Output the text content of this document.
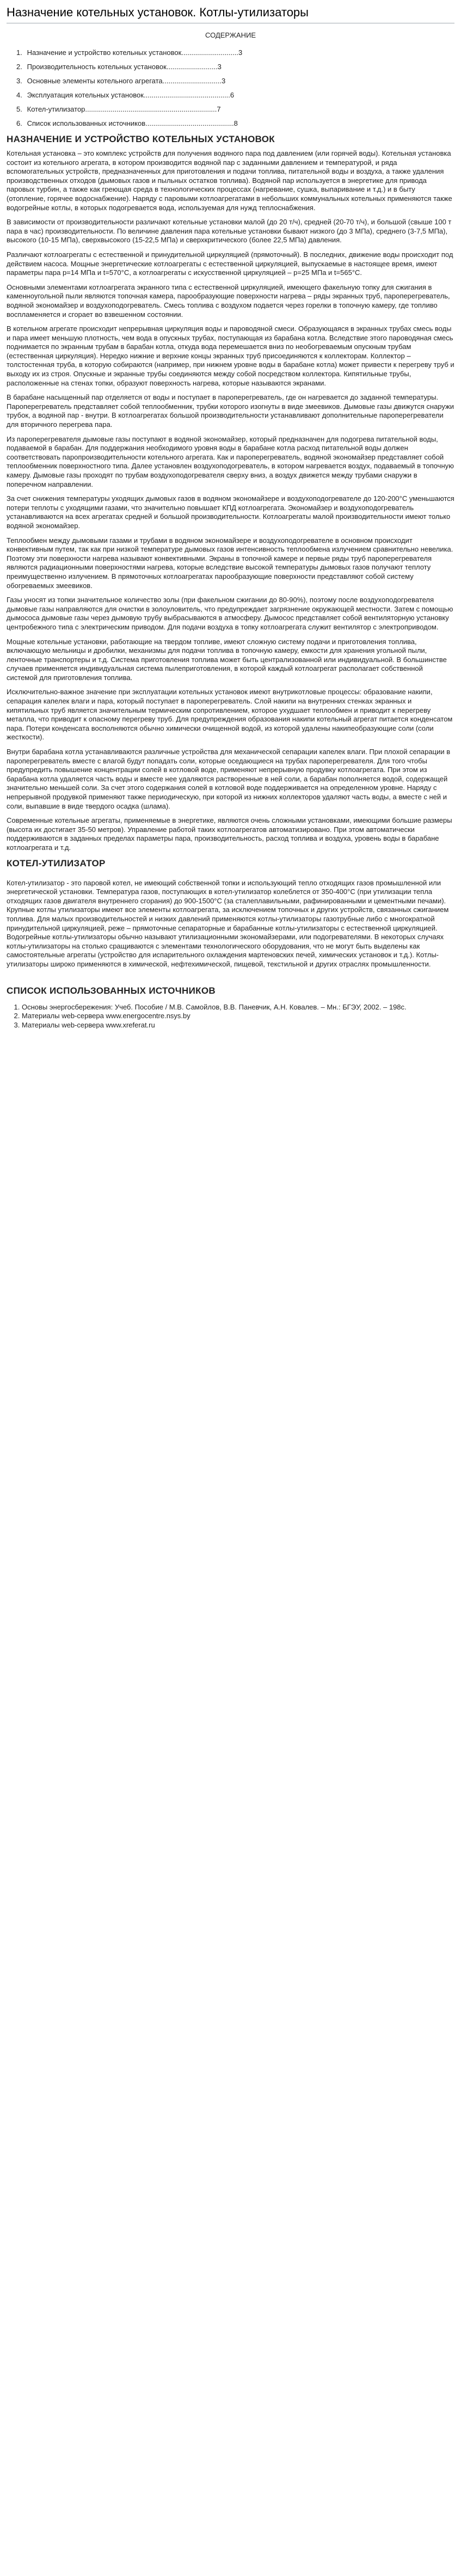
Назначение котельных установок. Котлы-утилизаторы
СОДЕРЖАНИЕ
1. Назначение и устройство котельных установок.............................3
2. Производительность котельных установок..........................3
3. Основные элементы котельного агрегата..............................3
4. Эксплуатация котельных установок............................................6
5. Котел-утилизатор...................................................................7
6. Список использованных источников.............................................8
НАЗНАЧЕНИЕ И УСТРОЙСТВО КОТЕЛЬНЫХ УСТАНОВОК

Котельная установка – это комплекс устройств для получения водяного пара под давлением (или горячей воды). Котельная установка состоит из котельного агрегата, в котором производится водяной пар с заданными давлением и температурой, и ряда вспомогательных устройств, предназначенных для приготовления и подачи топлива, питательной воды и воздуха, а также удаления производственных отходов (дымовых газов и пыльных остатков топлива). Водяной пар используется в энергетике для привода паровых турбин, а также как греющая среда в технологических процессах (нагревание, сушка, выпаривание и т.д.) и в быту (отопление, горячее водоснабжение). Наряду с паровыми котлоагрегатами в небольших коммунальных котельных применяются также водогрейные котлы, в которых подогревается вода, используемая для нужд теплоснабжения.

В зависимости от производительности различают котельные установки малой (до 20 т/ч), средней (20-70 т/ч), и большой (свыше 100 т пара в час) производительности. По величине давления пара котельные установки бывают низкого (до 3 МПа), среднего (3-7,5 МПа), высокого (10-15 МПа), сверхвысокого (15-22,5 МПа) и сверхкритического (более 22,5 МПа) давления.

Различают котлоагрегаты с естественной и принудительной циркуляцией (прямоточный). В последних, движение воды происходит под действием насоса. Мощные энергетические котлоагрегаты с естественной циркуляцией, выпускаемые в настоящее время, имеют параметры пара р=14 МПа и t=570°С, а котлоагрегаты с искусственной циркуляцией – р=25 МПа и t=565°С.

Основными элементами котлоагрегата экранного типа с естественной циркуляцией, имеющего факельную топку для сжигания в каменноугольной пыли являются топочная камера, парообразующие поверхности нагрева – ряды экранных труб, пароперегреватель, водяной экономайзер и воздухоподогреватель. Смесь топлива с воздухом подается через горелки в топочную камеру, где топливо воспламеняется и сгорает во взвешенном состоянии.

В котельном агрегате происходит непрерывная циркуляция воды и пароводяной смеси. Образующаяся в экранных трубах смесь воды и пара имеет меньшую плотность, чем вода в опускных трубах, поступающая из барабана котла. Вследствие этого пароводяная смесь поднимается по экранным трубам в барабан котла, откуда вода перемешается вниз по необогреваемым опускным трубам (естественная циркуляция). Нередко нижние и верхние концы экранных труб присоединяются к коллекторам. Коллектор – толстостенная труба, в которую собираются (например, при нижнем уровне воды в барабане котла) может привести к перегреву труб и выходу их из строя. Опускные и экранные трубы соединяются между собой посредством коллектора. Кипятильные трубы, расположенные на стенах топки, образуют поверхность нагрева, которые называются экранами.

В барабане насыщенный пар отделяется от воды и поступает в пароперегреватель, где он нагревается до заданной температуры. Пароперегреватель представляет собой теплообменник, трубки которого изогнуты в виде змеевиков. Дымовые газы движутся снаружи трубок, а водяной пар - внутри. В котлоагрегатах большой производительности устанавливают дополнительные пароперегреватели для вторичного перегрева пара.

Из пароперегревателя дымовые газы поступают в водяной экономайзер, который предназначен для подогрева питательной воды, подаваемой в барабан. Для поддержания необходимого уровня воды в барабане котла расход питательной воды должен соответствовать паропроизводительности котельного агрегата. Как и пароперегреватель, водяной экономайзер представляет собой теплообменник поверхностного типа. Далее установлен воздухоподогреватель, в котором нагревается воздух, подаваемый в топочную камеру. Дымовые газы проходят по трубам воздухоподогревателя сверху вниз, а воздух движется между трубами снаружи в поперечном направлении.

За счет снижения температуры уходящих дымовых газов в водяном экономайзере и воздухоподогревателе до 120-200°С уменьшаются потери теплоты с уходящими газами, что значительно повышает КПД котлоагрегата. Экономайзер и воздухоподогреватель устанавливаются на всех агрегатах средней и большой производительности. Котлоагрегаты малой производительности имеют только водяной экономайзер.

Теплообмен между дымовыми газами и трубами в водяном экономайзере и воздухоподогревателе в основном происходит конвективным путем, так как при низкой температуре дымовых газов интенсивность теплообмена излучением сравнительно невелика. Поэтому эти поверхности нагрева называют конвективными. Экраны в топочной камере и первые ряды труб пароперегревателя являются радиационными поверхностями нагрева, которые вследствие высокой температуры дымовых газов получают теплоту преимущественно излучением. В прямоточных котлоагрегатах парообразующие поверхности представляют собой систему обогреваемых змеевиков.

Газы уносят из топки значительное количество золы (при факельном сжигании до 80-90%), поэтому после воздухоподогревателя дымовые газы направляются для очистки в золоуловитель, что предупреждает загрязнение окружающей местности. Затем с помощью дымососа дымовые газы через дымовую трубу выбрасываются в атмосферу. Дымосос представляет собой вентиляторную установку центробежного типа с электрическим приводом. Для подачи воздуха в топку котлоагрегата служит вентилятор с электроприводом.

Мощные котельные установки, работающие на твердом топливе, имеют сложную систему подачи и приготовления топлива, включающую мельницы и дробилки, механизмы для подачи топлива в топочную камеру, емкости для хранения угольной пыли, ленточные транспортеры и т.д. Система приготовления топлива может быть централизованной или индивидуальной. В большинстве случаев применяется индивидуальная система пылеприготовления, в которой каждый котлоагрегат располагает собственной системой для приготовления топлива.

Исключительно-важное значение при эксплуатации котельных установок имеют внутрикотловые процессы: образование накипи, сепарация капелек влаги и пара, который поступает в пароперегреватель. Слой накипи на внутренних стенках экранных и кипятильных труб является значительным термическим сопротивлением, которое ухудшает теплообмен и приводит к перегреву металла, что приводит к опасному перегреву труб. Для предупреждения образования накипи котельный агрегат питается конденсатом пара. Потери конденсата восполняются обычно химически очищенной водой, из которой удалены накипеобразующие соли (соли жесткости).

Внутри барабана котла устанавливаются различные устройства для механической сепарации капелек влаги. При плохой сепарации в пароперегреватель вместе с влагой будут попадать соли, которые оседающиеся на трубах пароперегревателя. Для того чтобы предупредить повышение концентрации солей в котловой воде, применяют непрерывную продувку котлоагрегата. При этом из барабана котла удаляется часть воды и вместе нее удаляются растворенные в ней соли, а барабан пополняется водой, содержащей значительно меньшей соли. За счет этого содержания солей в котловой воде поддерживается на определенном уровне. Наряду с непрерывной продувкой применяют также периодическую, при которой из нижних коллекторов удаляют часть воды, а вместе с ней и соли, выпавшие в виде твердого осадка (шлама).

Современные котельные агрегаты, применяемые в энергетике, являются очень сложными установками, имеющими большие размеры (высота их достигает 35-50 метров). Управление работой таких котлоагрегатов автоматизировано. При этом автоматически поддерживаются в заданных пределах параметры пара, производительность, расход топлива и воздуха, уровень воды в барабане котлоагрегата и т.д.

КОТЕЛ-УТИЛИЗАТОР

Котел-утилизатор - это паровой котел, не имеющий собственной топки и использующий тепло отходящих газов промышленной или энергетической установки. Температура газов, поступающих в котел-утилизатор колеблется от 350-400°С (при утилизации тепла отходящих газов двигателя внутреннего сгорания) до 900-1500°С (за сталеплавильными, рафинированными и цементными печами). Крупные котлы утилизаторы имеют все элементы котлоагрегата, за исключением топочных и других устройств, связанных сжиганием топлива. Для малых производительностей и низких давлений применяются котлы-утилизаторы газотрубные либо с многократной принудительной циркуляцией, реже – прямоточные сепараторные и барабанные котлы-утилизаторы с естественной циркуляцией. Водогрейные котлы-утилизаторы обычно называют утилизационными экономайзерами, или подогревателями. В некоторых случаях котлы-утилизаторы на столько сращиваются с элементами технологического оборудования, что не могут быть выделены как самостоятельные агрегаты (устройство для испарительного охлаждения мартеновских печей, химических установок и т.д.). Котлы-утилизаторы широко применяются в химической, нефтехимической, пищевой, текстильной и других отраслях промышленности.

СПИСОК ИСПОЛЬЗОВАННЫХ ИСТОЧНИКОВ
1. Основы энергосбережения: Учеб. Пособие / М.В. Самойлов, В.В. Паневчик, А.Н. Ковалев. – Мн.: БГЭУ, 2002. – 198с.
2. Материалы web-сервера www.energocentre.nsys.by
3. Материалы web-сервера www.xreferat.ru
